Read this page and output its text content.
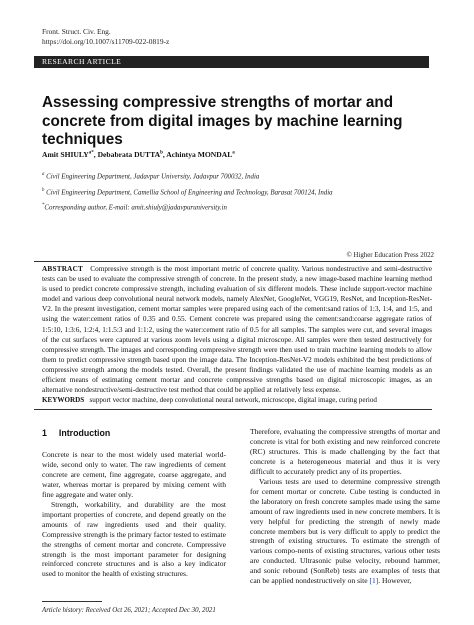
Front. Struct. Civ. Eng.
https://doi.org/10.1007/s11709-022-0819-z
RESEARCH ARTICLE
Assessing compressive strengths of mortar and concrete from digital images by machine learning techniques
Amit $SHIULY^{a*}$, Debabrata DUTTA$^b$, Achintya MONDAL$^a$
$^a$ Civil Engineering Department, Jadavpur University, Jadavpur 700032, India
$^b$ Civil Engineering Department, Camellia School of Engineering and Technology, Barasat 700124, India
*Corresponding author, E-mail: amit.shiuly@jadavpuruniversity.in
© Higher Education Press 2022
ABSTRACT Compressive strength is the most important metric of concrete quality. Various nondestructive and semi-destructive tests can be used to evaluate the compressive strength of concrete. In the present study, a new image-based machine learning method is used to predict concrete compressive strength, including evaluation of six different models. These include support-vector machine model and various deep convolutional neural network models, namely AlexNet, GoogleNet, VGG19, ResNet, and Inception-ResNet-V2. In the present investigation, cement mortar samples were prepared using each of the cement:sand ratios of 1:3, 1:4, and 1:5, and using the water:cement ratios of 0.35 and 0.55. Cement concrete was prepared using the cement:sand:coarse aggregate ratios of 1:5:10, 1:3:6, 1:2:4, 1:1.5:3 and 1:1:2, using the water:cement ratio of 0.5 for all samples. The samples were cut, and several images of the cut surfaces were captured at various zoom levels using a digital microscope. All samples were then tested destructively for compressive strength. The images and corresponding compressive strength were then used to train machine learning models to allow them to predict compressive strength based upon the image data. The Inception-ResNet-V2 models exhibited the best predictions of compressive strength among the models tested. Overall, the present findings validated the use of machine learning models as an efficient means of estimating cement mortar and concrete compressive strengths based on digital microscopic images, as an alternative nondestructive/semi-destructive test method that could be applied at relatively less expense.
KEYWORDS support vector machine, deep convolutional neural network, microscope, digital image, curing period
1 Introduction

Concrete is near to the most widely used material world-wide, second only to water. The raw ingredients of cement concrete are cement, fine aggregate, coarse aggregate, and water, whereas mortar is prepared by mixing cement with fine aggregate and water only.

Strength, workability, and durability are the most important properties of concrete, and depend greatly on the amounts of raw ingredients used and their quality. Compressive strength is the primary factor tested to estimate the strengths of cement mortar and concrete. Compressive strength is the most important parameter for designing reinforced concrete structures and is also a key indicator used to monitor the health of existing structures.

Therefore, evaluating the compressive strengths of mortar and concrete is vital for both existing and new reinforced concrete (RC) structures. This is made challenging by the fact that concrete is a heterogeneous material and thus it is very difficult to accurately predict any of its properties.

Various tests are used to determine compressive strength for cement mortar or concrete. Cube testing is conducted in the laboratory on fresh concrete samples made using the same amount of raw ingredients used in new concrete members. It is very helpful for predicting the strength of newly made concrete members but is very difficult to apply to predict the strength of existing structures. To estimate the strength of various compo-nents of existing structures, various other tests are conducted. Ultrasonic pulse velocity, rebound hammer, and sonic rebound (SonReb) tests are examples of tests that can be applied nondestructively on site [1]. However,

Article history: Received Oct 26, 2021; Accepted Dec 30, 2021
